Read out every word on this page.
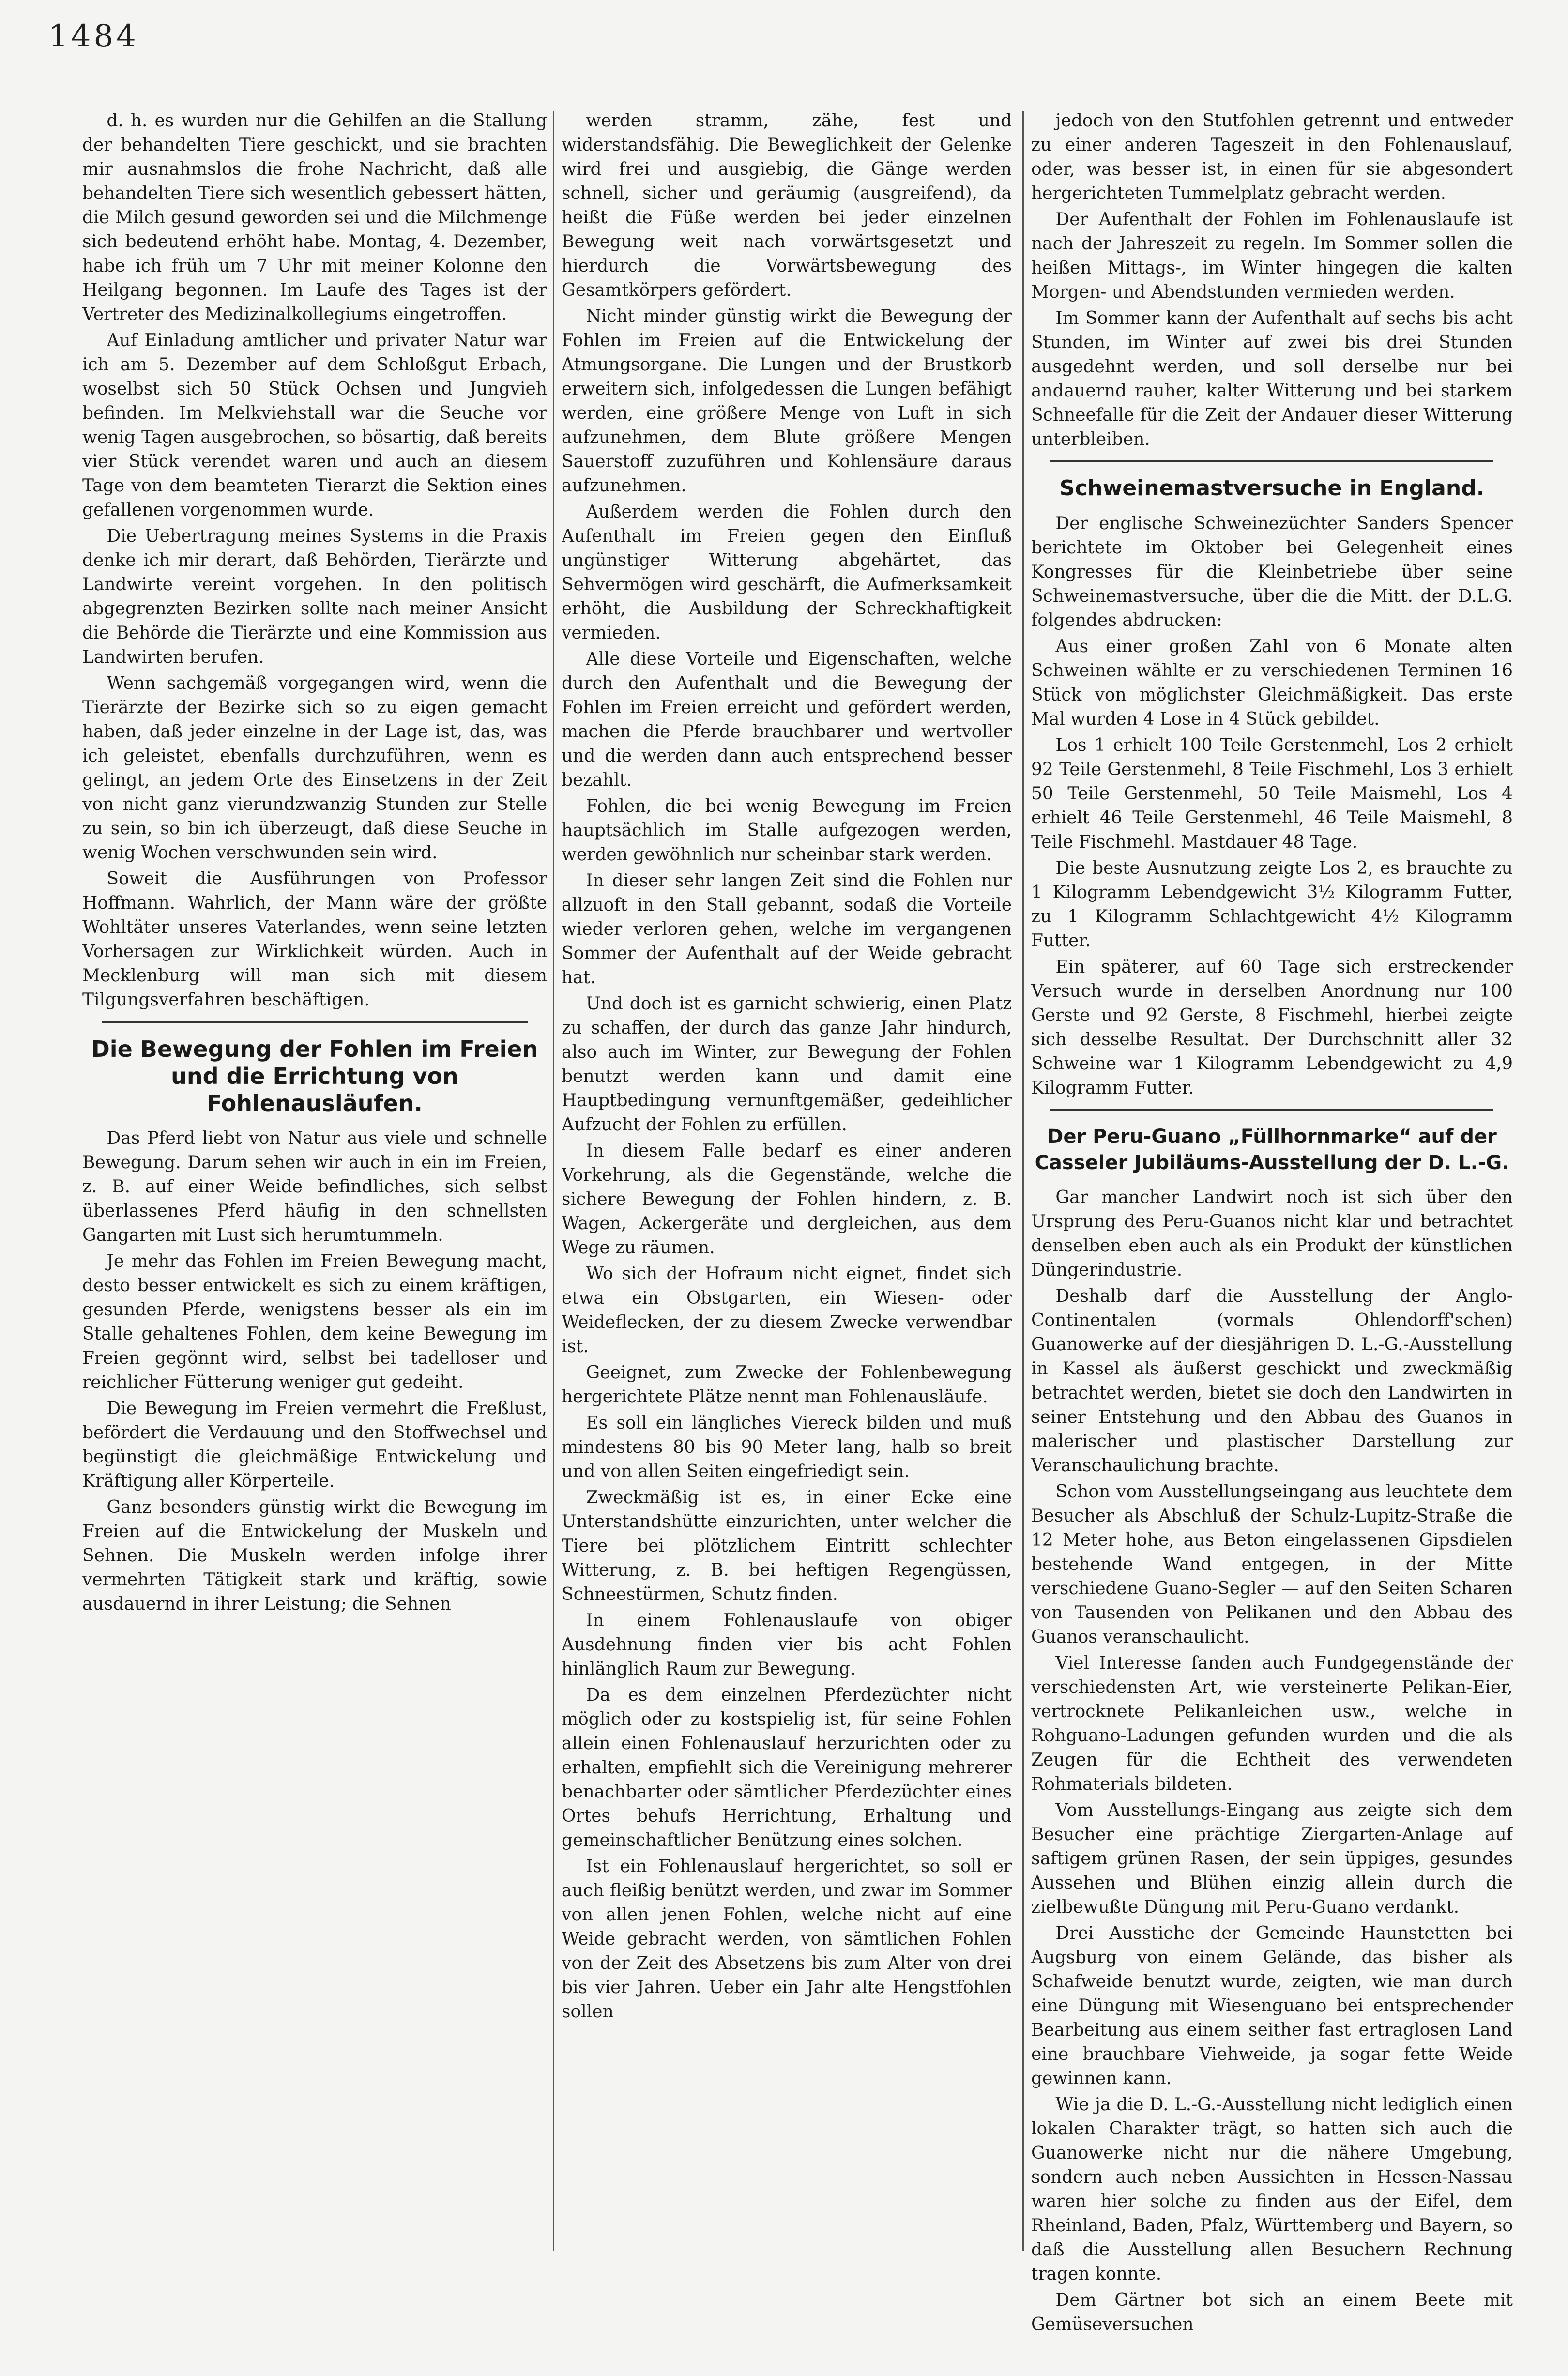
1484

d. h. es wurden nur die Gehilfen an die Stallung der behandelten Tiere geschickt, und sie brachten mir ausnahmslos die frohe Nachricht, daß alle behandelten Tiere sich wesentlich gebessert hätten, die Milch gesund geworden sei und die Milchmenge sich bedeutend erhöht habe. Montag, 4. Dezember, habe ich früh um 7 Uhr mit meiner Kolonne den Heilgang begonnen. Im Laufe des Tages ist der Vertreter des Medizinalkollegiums eingetroffen.

Auf Einladung amtlicher und privater Natur war ich am 5. Dezember auf dem Schloßgut Erbach, woselbst sich 50 Stück Ochsen und Jungvieh befinden. Im Melkviehstall war die Seuche vor wenig Tagen ausgebrochen, so bösartig, daß bereits vier Stück verendet waren und auch an diesem Tage von dem beamteten Tierarzt die Sektion eines gefallenen vorgenommen wurde.

Die Uebertragung meines Systems in die Praxis denke ich mir derart, daß Behörden, Tierärzte und Landwirte vereint vorgehen. In den politisch abgegrenzten Bezirken sollte nach meiner Ansicht die Behörde die Tierärzte und eine Kommission aus Landwirten berufen.

Wenn sachgemäß vorgegangen wird, wenn die Tierärzte der Bezirke sich so zu eigen gemacht haben, daß jeder einzelne in der Lage ist, das, was ich geleistet, ebenfalls durchzuführen, wenn es gelingt, an jedem Orte des Einsetzens in der Zeit von nicht ganz vierundzwanzig Stunden zur Stelle zu sein, so bin ich überzeugt, daß diese Seuche in wenig Wochen verschwunden sein wird.

Soweit die Ausführungen von Professor Hoffmann. Wahrlich, der Mann wäre der größte Wohltäter unseres Vaterlandes, wenn seine letzten Vorhersagen zur Wirklichkeit würden. Auch in Mecklenburg will man sich mit diesem Tilgungsverfahren beschäftigen.

Die Bewegung der Fohlen im Freien und die Errichtung von Fohlenausläufen.

Das Pferd liebt von Natur aus viele und schnelle Bewegung. Darum sehen wir auch in ein im Freien, z. B. auf einer Weide befindliches, sich selbst überlassenes Pferd häufig in den schnellsten Gangarten mit Lust sich herumtummeln.

Je mehr das Fohlen im Freien Bewegung macht, desto besser entwickelt es sich zu einem kräftigen, gesunden Pferde, wenigstens besser als ein im Stalle gehaltenes Fohlen, dem keine Bewegung im Freien gegönnt wird, selbst bei tadelloser und reichlicher Fütterung weniger gut gedeiht.

Die Bewegung im Freien vermehrt die Freßlust, befördert die Verdauung und den Stoffwechsel und begünstigt die gleichmäßige Entwickelung und Kräftigung aller Körperteile.

Ganz besonders günstig wirkt die Bewegung im Freien auf die Entwickelung der Muskeln und Sehnen. Die Muskeln werden infolge ihrer vermehrten Tätigkeit stark und kräftig, sowie ausdauernd in ihrer Leistung; die Sehnen

werden stramm, zähe, fest und widerstandsfähig. Die Beweglichkeit der Gelenke wird frei und ausgiebig, die Gänge werden schnell, sicher und geräumig (ausgreifend), da heißt die Füße werden bei jeder einzelnen Bewegung weit nach vorwärtsgesetzt und hierdurch die Vorwärtsbewegung des Gesamtkörpers gefördert.

Nicht minder günstig wirkt die Bewegung der Fohlen im Freien auf die Entwickelung der Atmungsorgane. Die Lungen und der Brustkorb erweitern sich, infolgedessen die Lungen befähigt werden, eine größere Menge von Luft in sich aufzunehmen, dem Blute größere Mengen Sauerstoff zuzuführen und Kohlensäure daraus aufzunehmen.

Außerdem werden die Fohlen durch den Aufenthalt im Freien gegen den Einfluß ungünstiger Witterung abgehärtet, das Sehvermögen wird geschärft, die Aufmerksamkeit erhöht, die Ausbildung der Schreckhaftigkeit vermieden.

Alle diese Vorteile und Eigenschaften, welche durch den Aufenthalt und die Bewegung der Fohlen im Freien erreicht und gefördert werden, machen die Pferde brauchbarer und wertvoller und die werden dann auch entsprechend besser bezahlt.

Fohlen, die bei wenig Bewegung im Freien hauptsächlich im Stalle aufgezogen werden, werden gewöhnlich nur scheinbar stark werden.

In dieser sehr langen Zeit sind die Fohlen nur allzuoft in den Stall gebannt, sodaß die Vorteile wieder verloren gehen, welche im vergangenen Sommer der Aufenthalt auf der Weide gebracht hat.

Und doch ist es garnicht schwierig, einen Platz zu schaffen, der durch das ganze Jahr hindurch, also auch im Winter, zur Bewegung der Fohlen benutzt werden kann und damit eine Hauptbedingung vernunftgemäßer, gedeihlicher Aufzucht der Fohlen zu erfüllen.

In diesem Falle bedarf es einer anderen Vorkehrung, als die Gegenstände, welche die sichere Bewegung der Fohlen hindern, z. B. Wagen, Ackergeräte und dergleichen, aus dem Wege zu räumen.

Wo sich der Hofraum nicht eignet, findet sich etwa ein Obstgarten, ein Wiesen- oder Weideflecken, der zu diesem Zwecke verwendbar ist.

Geeignet, zum Zwecke der Fohlenbewegung hergerichtete Plätze nennt man Fohlenausläufe.

Es soll ein längliches Viereck bilden und muß mindestens 80 bis 90 Meter lang, halb so breit und von allen Seiten eingefriedigt sein.

Zweckmäßig ist es, in einer Ecke eine Unterstandshütte einzurichten, unter welcher die Tiere bei plötzlichem Eintritt schlechter Witterung, z. B. bei heftigen Regengüssen, Schneestürmen, Schutz finden.

In einem Fohlenauslaufe von obiger Ausdehnung finden vier bis acht Fohlen hinlänglich Raum zur Bewegung.

Da es dem einzelnen Pferdezüchter nicht möglich oder zu kostspielig ist, für seine Fohlen allein einen Fohlenauslauf herzurichten oder zu erhalten, empfiehlt sich die Vereinigung mehrerer benachbarter oder sämtlicher Pferdezüchter eines Ortes behufs Herrichtung, Erhaltung und gemeinschaftlicher Benützung eines solchen.

Ist ein Fohlenauslauf hergerichtet, so soll er auch fleißig benützt werden, und zwar im Sommer von allen jenen Fohlen, welche nicht auf eine Weide gebracht werden, von sämtlichen Fohlen von der Zeit des Absetzens bis zum Alter von drei bis vier Jahren. Ueber ein Jahr alte Hengstfohlen sollen

jedoch von den Stutfohlen getrennt und entweder zu einer anderen Tageszeit in den Fohlenauslauf, oder, was besser ist, in einen für sie abgesondert hergerichteten Tummelplatz gebracht werden.

Der Aufenthalt der Fohlen im Fohlenauslaufe ist nach der Jahreszeit zu regeln. Im Sommer sollen die heißen Mittags-, im Winter hingegen die kalten Morgen- und Abendstunden vermieden werden.

Im Sommer kann der Aufenthalt auf sechs bis acht Stunden, im Winter auf zwei bis drei Stunden ausgedehnt werden, und soll derselbe nur bei andauernd rauher, kalter Witterung und bei starkem Schneefalle für die Zeit der Andauer dieser Witterung unterbleiben.

Schweinemastversuche in England.

Der englische Schweinezüchter Sanders Spencer berichtete im Oktober bei Gelegenheit eines Kongresses für die Kleinbetriebe über seine Schweinemastversuche, über die die Mitt. der D.L.G. folgendes abdrucken:

Aus einer großen Zahl von 6 Monate alten Schweinen wählte er zu verschiedenen Terminen 16 Stück von möglichster Gleichmäßigkeit. Das erste Mal wurden 4 Lose in 4 Stück gebildet.

Los 1 erhielt 100 Teile Gerstenmehl, Los 2 erhielt 92 Teile Gerstenmehl, 8 Teile Fischmehl, Los 3 erhielt 50 Teile Gerstenmehl, 50 Teile Maismehl, Los 4 erhielt 46 Teile Gerstenmehl, 46 Teile Maismehl, 8 Teile Fischmehl. Mastdauer 48 Tage.

Die beste Ausnutzung zeigte Los 2, es brauchte zu 1 Kilogramm Lebendgewicht 3½ Kilogramm Futter, zu 1 Kilogramm Schlachtgewicht 4½ Kilogramm Futter.

Ein späterer, auf 60 Tage sich erstreckender Versuch wurde in derselben Anordnung nur 100 Gerste und 92 Gerste, 8 Fischmehl, hierbei zeigte sich desselbe Resultat. Der Durchschnitt aller 32 Schweine war 1 Kilogramm Lebendgewicht zu 4,9 Kilogramm Futter.

Der Peru-Guano „Füllhornmarke“ auf der Casseler Jubiläums-Ausstellung der D. L.-G.

Gar mancher Landwirt noch ist sich über den Ursprung des Peru-Guanos nicht klar und betrachtet denselben eben auch als ein Produkt der künstlichen Düngerindustrie.

Deshalb darf die Ausstellung der Anglo-Continentalen (vormals Ohlendorff'schen) Guanowerke auf der diesjährigen D. L.-G.-Ausstellung in Kassel als äußerst geschickt und zweckmäßig betrachtet werden, bietet sie doch den Landwirten in seiner Entstehung und den Abbau des Guanos in malerischer und plastischer Darstellung zur Veranschaulichung brachte.

Schon vom Ausstellungseingang aus leuchtete dem Besucher als Abschluß der Schulz-Lupitz-Straße die 12 Meter hohe, aus Beton eingelassenen Gipsdielen bestehende Wand entgegen, in der Mitte verschiedene Guano-Segler — auf den Seiten Scharen von Tausenden von Pelikanen und den Abbau des Guanos veranschaulicht.

Viel Interesse fanden auch Fundgegenstände der verschiedensten Art, wie versteinerte Pelikan-Eier, vertrocknete Pelikanleichen usw., welche in Rohguano-Ladungen gefunden wurden und die als Zeugen für die Echtheit des verwendeten Rohmaterials bildeten.

Vom Ausstellungs-Eingang aus zeigte sich dem Besucher eine prächtige Ziergarten-Anlage auf saftigem grünen Rasen, der sein üppiges, gesundes Aussehen und Blühen einzig allein durch die zielbewußte Düngung mit Peru-Guano verdankt.

Drei Ausstiche der Gemeinde Haunstetten bei Augsburg von einem Gelände, das bisher als Schafweide benutzt wurde, zeigten, wie man durch eine Düngung mit Wiesenguano bei entsprechender Bearbeitung aus einem seither fast ertraglosen Land eine brauchbare Viehweide, ja sogar fette Weide gewinnen kann.

Wie ja die D. L.-G.-Ausstellung nicht lediglich einen lokalen Charakter trägt, so hatten sich auch die Guanowerke nicht nur die nähere Umgebung, sondern auch neben Aussichten in Hessen-Nassau waren hier solche zu finden aus der Eifel, dem Rheinland, Baden, Pfalz, Württemberg und Bayern, so daß die Ausstellung allen Besuchern Rechnung tragen konnte.

Dem Gärtner bot sich an einem Beete mit Gemüseversuchen
